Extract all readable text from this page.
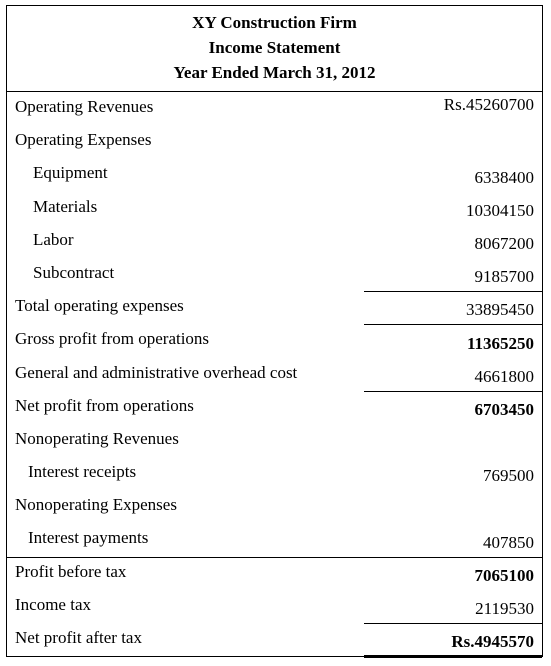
XY Construction Firm
Income Statement
Year Ended March 31, 2012
Operating Revenues	Rs.45260700
Operating Expenses
Equipment	6338400
Materials	10304150
Labor	8067200
Subcontract	9185700
Total operating expenses	33895450
Gross profit from operations	11365250
General and administrative overhead cost	4661800
Net profit from operations	6703450
Nonoperating Revenues
Interest receipts	769500
Nonoperating Expenses
Interest payments	407850
Profit before tax	7065100
Income tax	2119530
Net profit after tax	Rs.4945570
